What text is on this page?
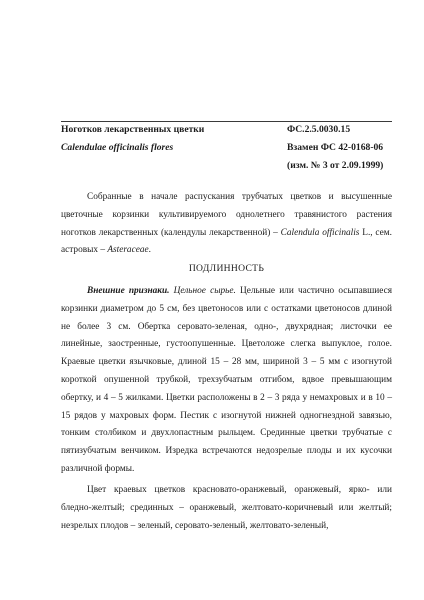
Ноготков лекарственных цветки
Calendulae officinalis flores
ФС.2.5.0030.15
Взамен ФС 42-0168-06
(изм. № 3 от 2.09.1999)

Собранные в начале распускания трубчатых цветков и высушенные цветочные корзинки культивируемого однолетнего травянистого растения ноготков лекарственных (календулы лекарственной) – Calendula officinalis L., сем. астровых – Asteraceae.

ПОДЛИННОСТЬ

Внешние признаки. Цельное сырье. Цельные или частично осыпавшиеся корзинки диаметром до 5 см, без цветоносов или с остатками цветоносов длиной не более 3 см. Обертка серовато-зеленая, одно-, двухрядная; листочки ее линейные, заостренные, густоопушенные. Цветоложе слегка выпуклое, голое. Краевые цветки язычковые, длиной 15 – 28 мм, шириной 3 – 5 мм с изогнутой короткой опушенной трубкой, трехзубчатым отгибом, вдвое превышающим обертку, и 4 – 5 жилками. Цветки расположены в 2 – 3 ряда у немахровых и в 10 – 15 рядов у махровых форм. Пестик с изогнутой нижней одногнездной завязью, тонким столбиком и двухлопастным рыльцем. Срединные цветки трубчатые с пятизубчатым венчиком. Изредка встречаются недозрелые плоды и их кусочки различной формы.

Цвет краевых цветков красновато-оранжевый, оранжевый, ярко- или бледно-желтый; срединных – оранжевый, желтовато-коричневый или желтый; незрелых плодов – зеленый, серовато-зеленый, желтовато-зеленый,
